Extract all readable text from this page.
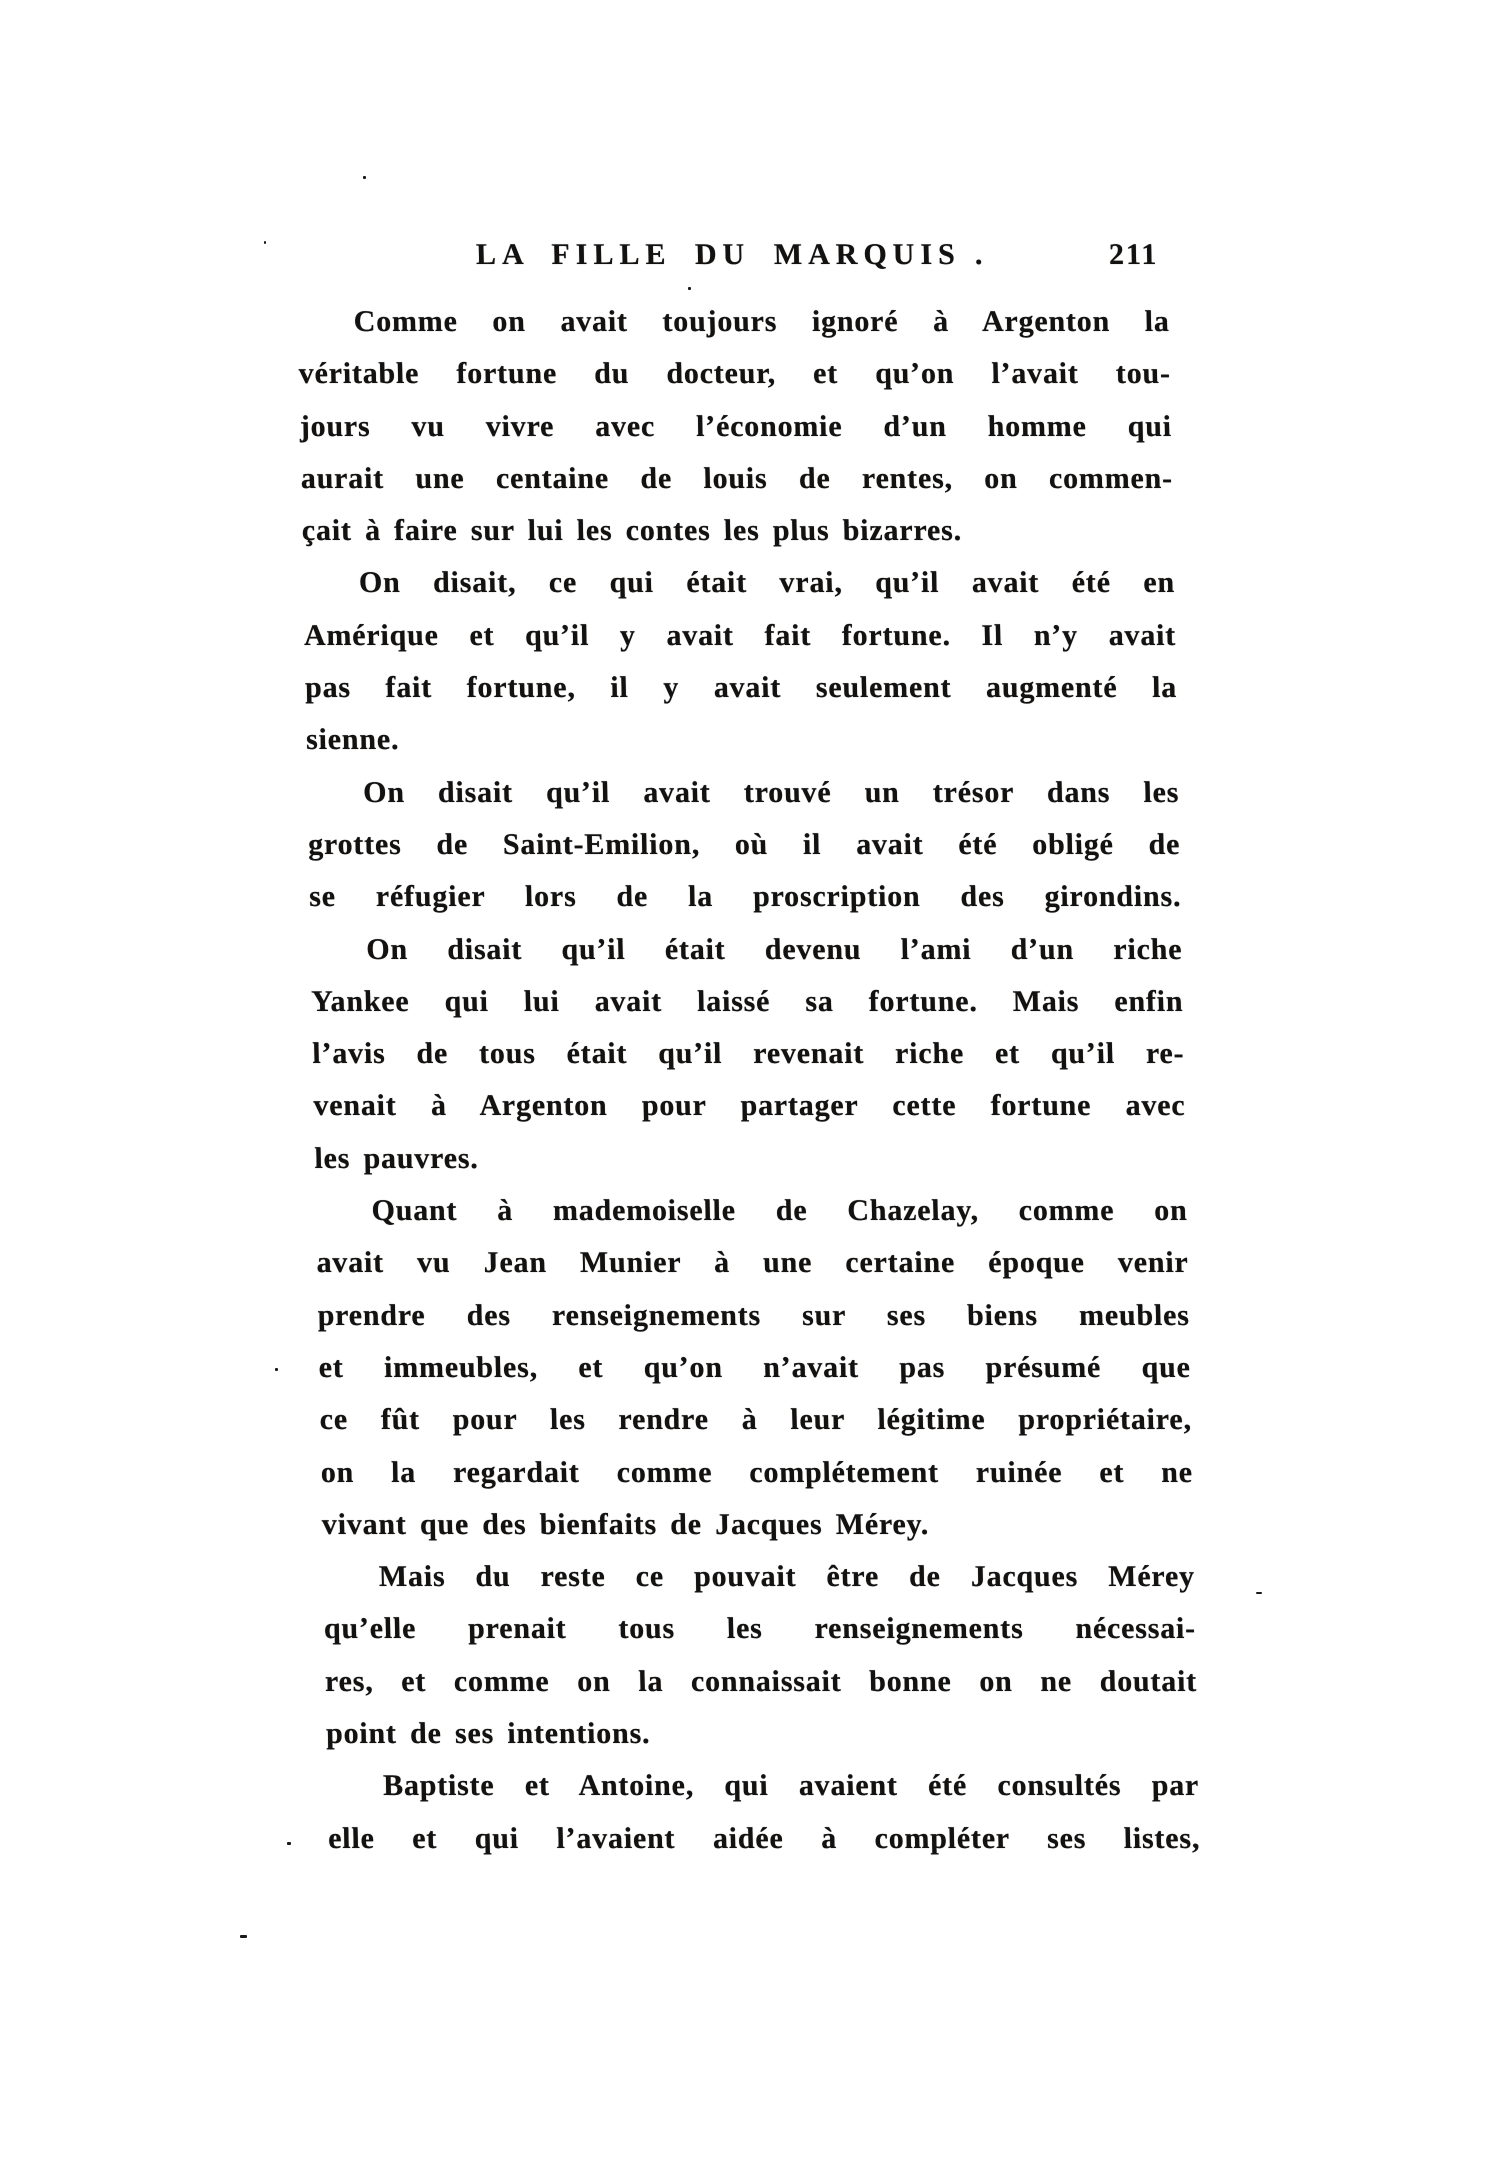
LA FILLE DU MARQUIS .	211
Comme on avait toujours ignoré à Argenton la
véritable fortune du docteur, et qu’on l’avait tou-
jours vu vivre avec l’économie d’un homme qui
aurait une centaine de louis de rentes, on commen-
çait à faire sur lui les contes les plus bizarres.
On disait, ce qui était vrai, qu’il avait été en
Amérique et qu’il y avait fait fortune. Il n’y avait
pas fait fortune, il y avait seulement augmenté la
sienne.
On disait qu’il avait trouvé un trésor dans les
grottes de Saint-Emilion, où il avait été obligé de
se réfugier lors de la proscription des girondins.
On disait qu’il était devenu l’ami d’un riche
Yankee qui lui avait laissé sa fortune. Mais enfin
l’avis de tous était qu’il revenait riche et qu’il re-
venait à Argenton pour partager cette fortune avec
les pauvres.
Quant à mademoiselle de Chazelay, comme on
avait vu Jean Munier à une certaine époque venir
prendre des renseignements sur ses biens meubles
et immeubles, et qu’on n’avait pas présumé que
ce fût pour les rendre à leur légitime propriétaire,
on la regardait comme complétement ruinée et ne
vivant que des bienfaits de Jacques Mérey.
Mais du reste ce pouvait être de Jacques Mérey
qu’elle prenait tous les renseignements nécessai-
res, et comme on la connaissait bonne on ne doutait
point de ses intentions.
Baptiste et Antoine, qui avaient été consultés par
elle et qui l’avaient aidée à compléter ses listes,
